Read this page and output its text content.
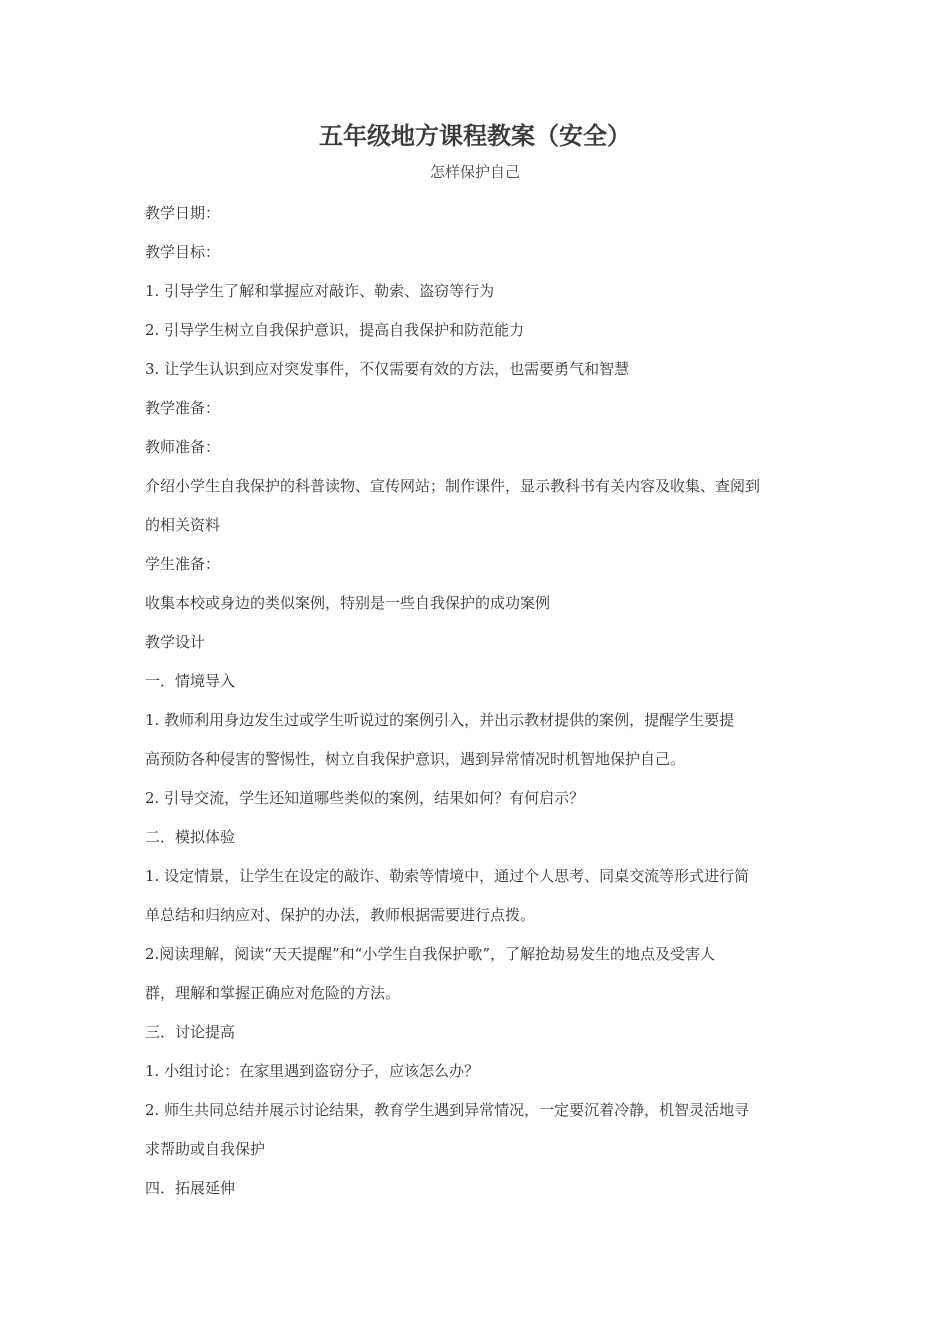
五年级地方课程教案（安全）
怎样保护自己
教学日期：
教学目标：
1. 引导学生了解和掌握应对敲诈、勒索、盗窃等行为
2. 引导学生树立自我保护意识，提高自我保护和防范能力
3. 让学生认识到应对突发事件，不仅需要有效的方法，也需要勇气和智慧
教学准备：
教师准备：
介绍小学生自我保护的科普读物、宣传网站；制作课件，显示教科书有关内容及收集、查阅到
的相关资料
学生准备：
收集本校或身边的类似案例，特别是一些自我保护的成功案例
教学设计
一．情境导入
1. 教师利用身边发生过或学生听说过的案例引入，并出示教材提供的案例，提醒学生要提
高预防各种侵害的警惕性，树立自我保护意识，遇到异常情况时机智地保护自己。
2. 引导交流，学生还知道哪些类似的案例，结果如何？有何启示？
二．模拟体验
1. 设定情景，让学生在设定的敲诈、勒索等情境中，通过个人思考、同桌交流等形式进行简
单总结和归纳应对、保护的办法，教师根据需要进行点拨。
2.阅读理解，阅读“天天提醒”和“小学生自我保护歌”，了解抢劫易发生的地点及受害人
群，理解和掌握正确应对危险的方法。
三．讨论提高
1. 小组讨论：在家里遇到盗窃分子，应该怎么办？
2. 师生共同总结并展示讨论结果，教育学生遇到异常情况，一定要沉着冷静，机智灵活地寻
求帮助或自我保护
四．拓展延伸
